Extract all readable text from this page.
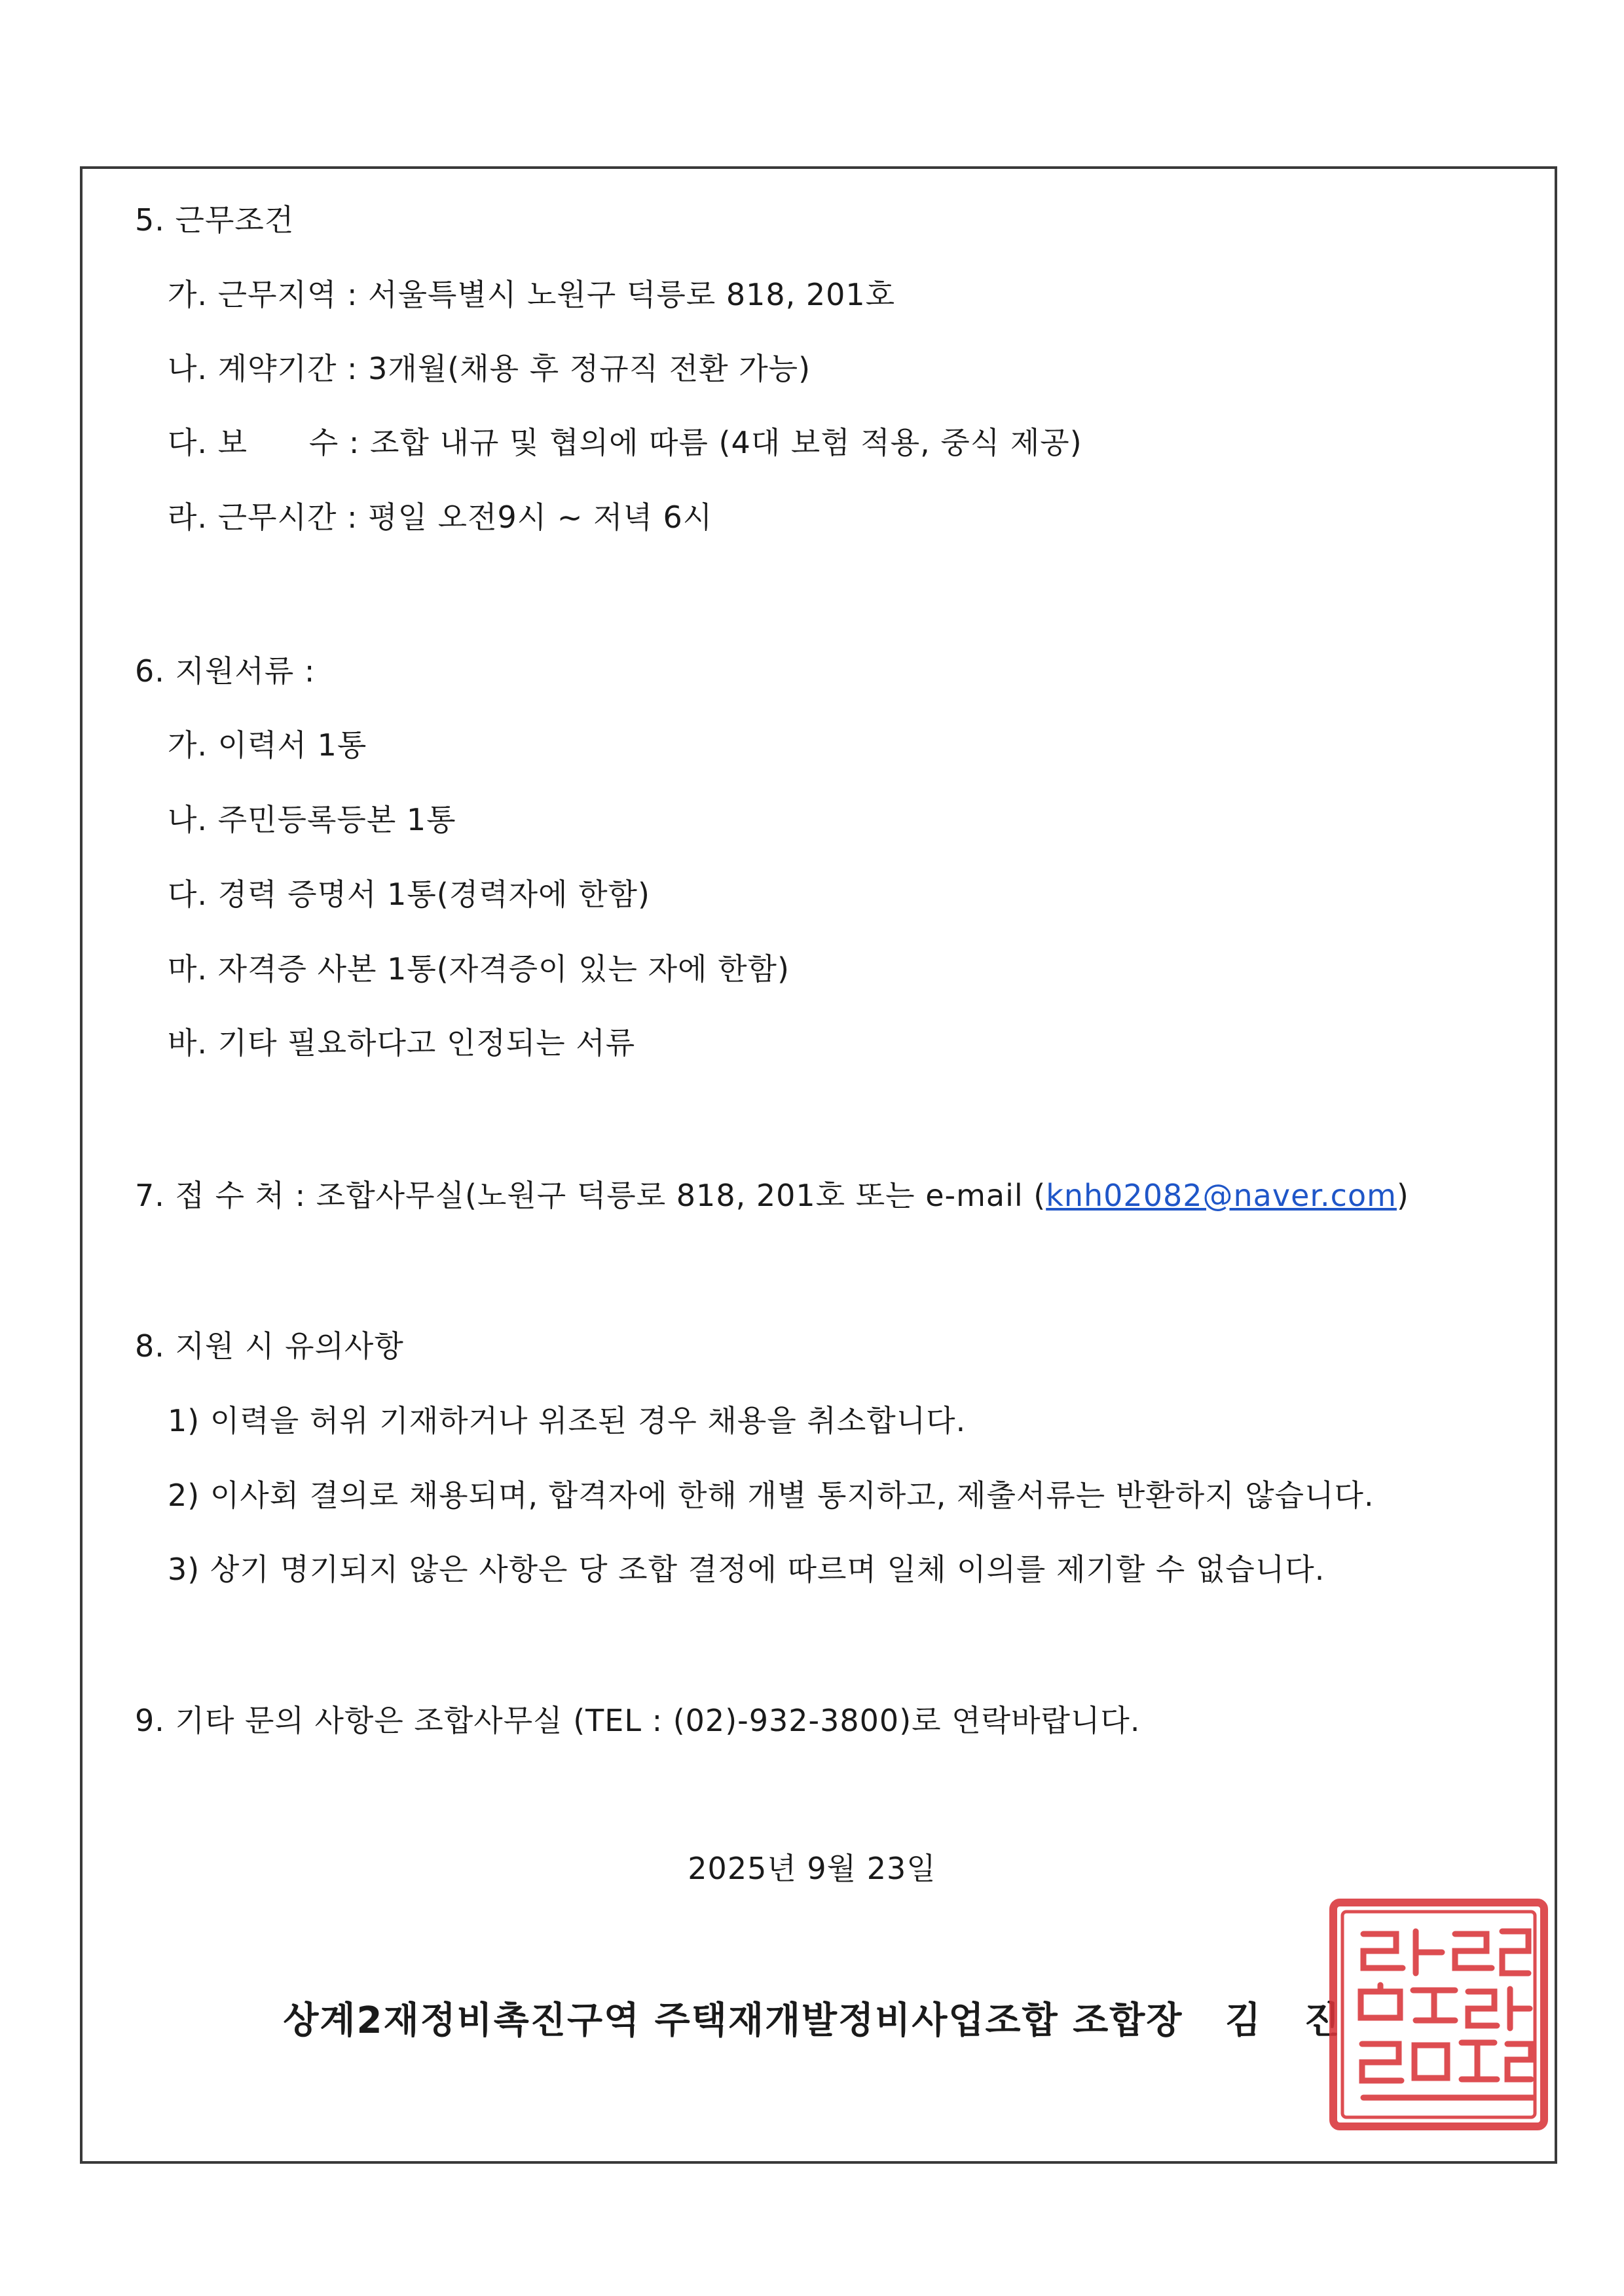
5. 근무조건
가. 근무지역 : 서울특별시 노원구 덕릉로 818, 201호
나. 계약기간 : 3개월(채용 후 정규직 전환 가능)
다. 보      수 : 조합 내규 및 협의에 따름 (4대 보험 적용, 중식 제공)
라. 근무시간 : 평일 오전9시 ~ 저녁 6시
6. 지원서류 :
가. 이력서 1통
나. 주민등록등본 1통
다. 경력 증명서 1통(경력자에 한함)
마. 자격증 사본 1통(자격증이 있는 자에 한함)
바. 기타 필요하다고 인정되는 서류
7. 접 수 처 : 조합사무실(노원구 덕릉로 818, 201호 또는 e-mail (knh02082@naver.com)
8. 지원 시 유의사항
1) 이력을 허위 기재하거나 위조된 경우 채용을 취소합니다.
2) 이사회 결의로 채용되며, 합격자에 한해 개별 통지하고, 제출서류는 반환하지 않습니다.
3) 상기 명기되지 않은 사항은 당 조합 결정에 따르며 일체 이의를 제기할 수 없습니다.
9. 기타 문의 사항은 조합사무실 (TEL : (02)-932-3800)로 연락바랍니다.
2025년 9월 23일
상계2재정비촉진구역 주택재개발정비사업조합 조합장   김   진
